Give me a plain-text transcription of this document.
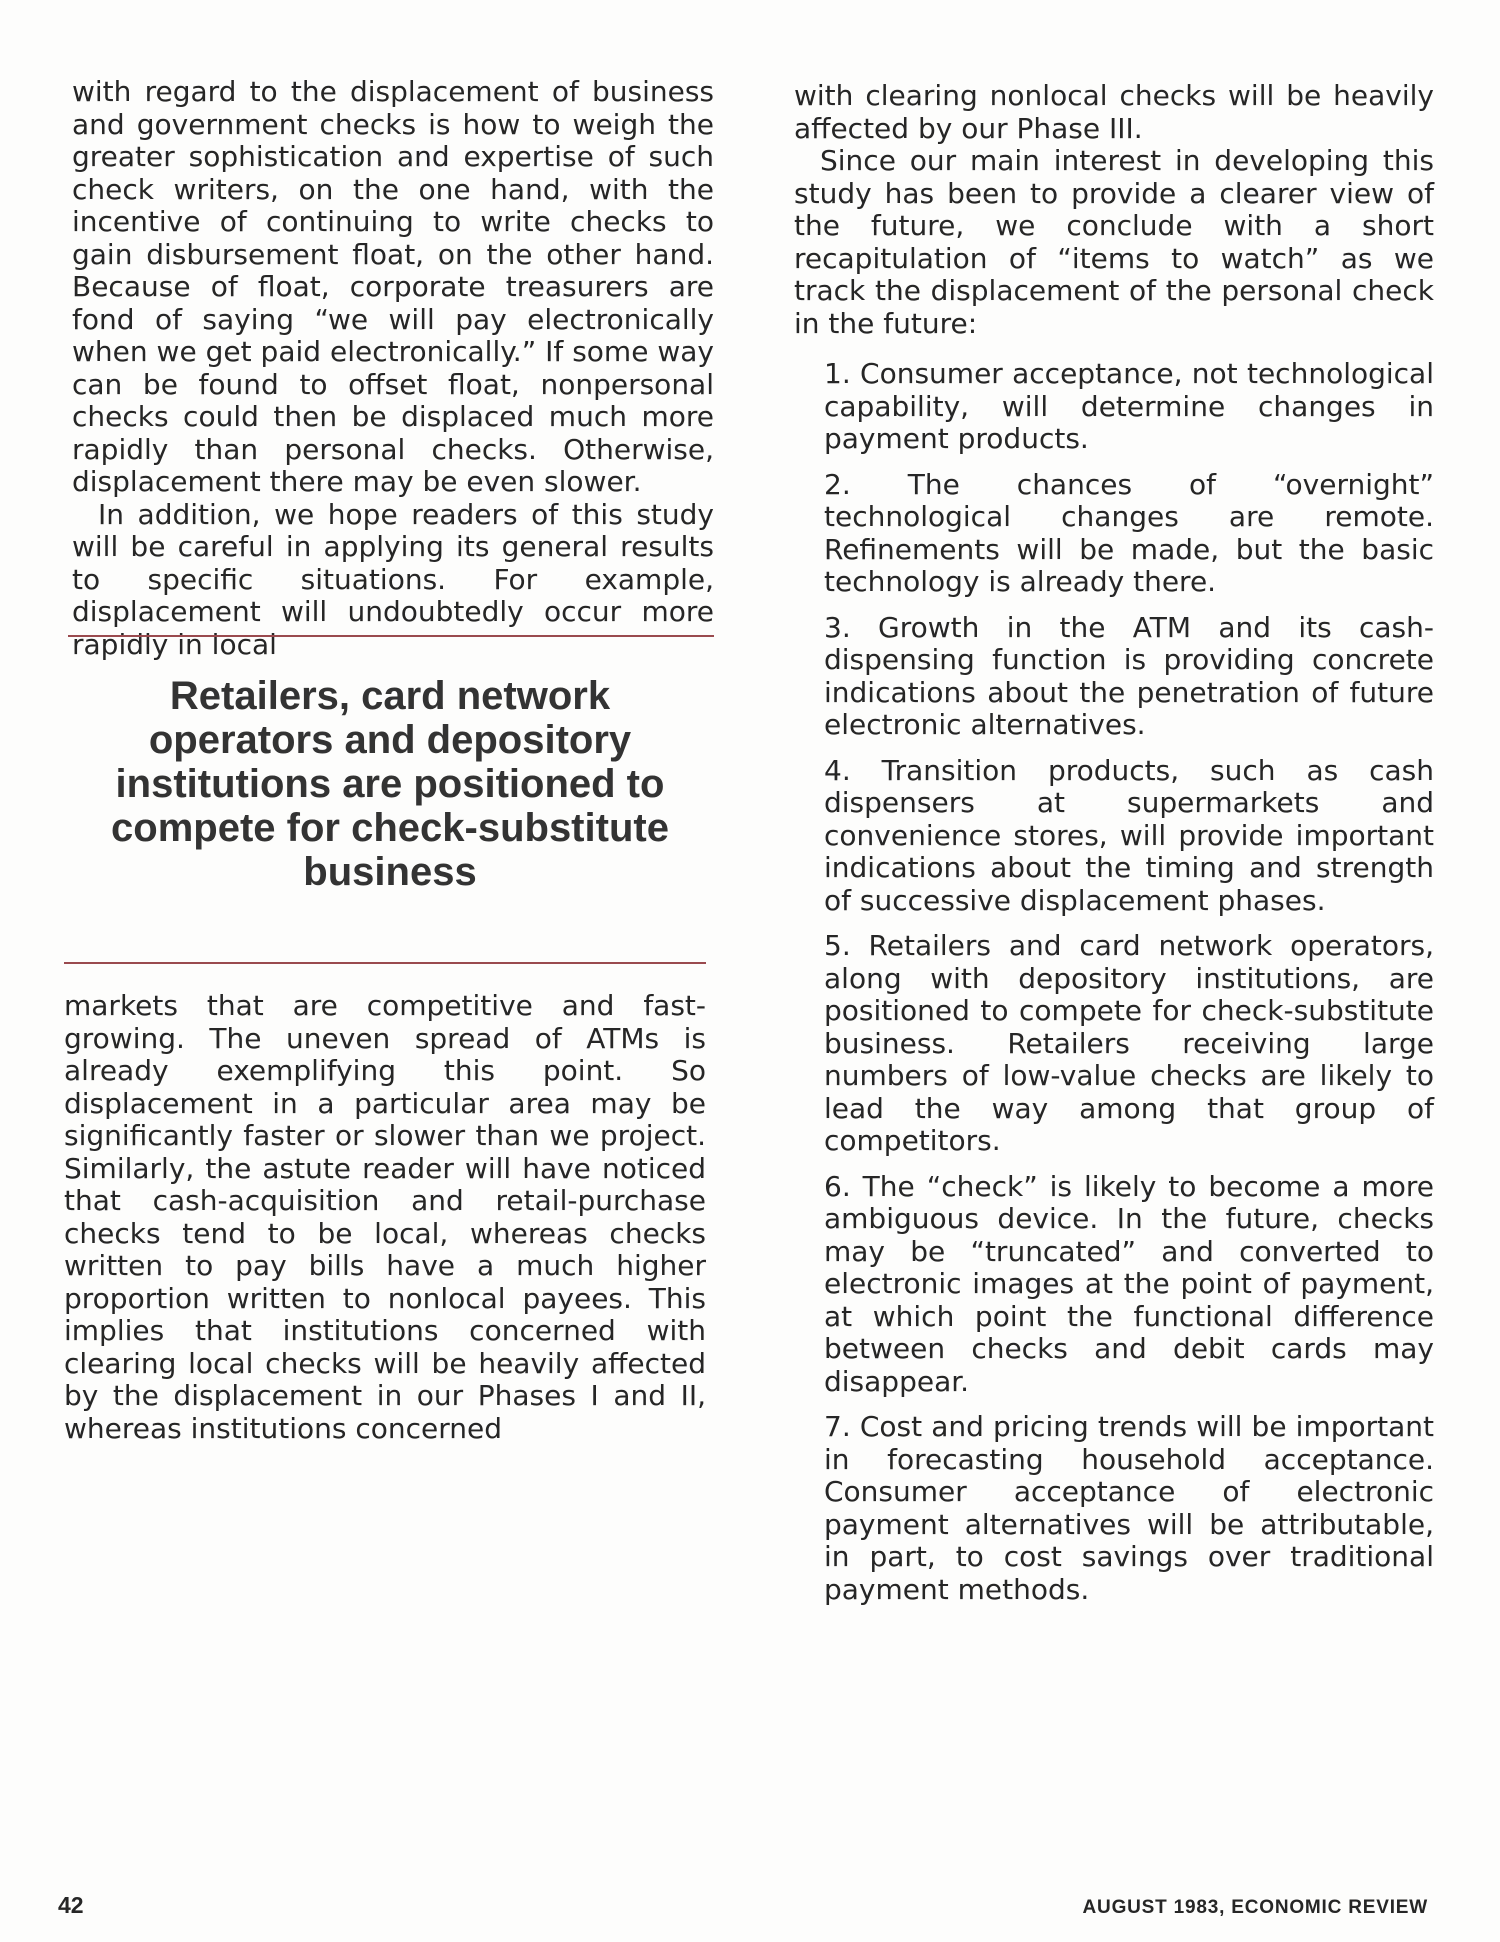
with regard to the displacement of business and government checks is how to weigh the greater sophistication and expertise of such check writers, on the one hand, with the incentive of continuing to write checks to gain disbursement float, on the other hand. Because of float, corporate treasurers are fond of saying “we will pay electronically when we get paid electronically.” If some way can be found to offset float, nonpersonal checks could then be displaced much more rapidly than personal checks. Otherwise, displacement there may be even slower.

In addition, we hope readers of this study will be careful in applying its general results to specific situations. For example, displacement will undoubtedly occur more rapidly in local

Retailers, card network operators and depository institutions are positioned to compete for check-substitute business

markets that are competitive and fast-growing. The uneven spread of ATMs is already exemplifying this point. So displacement in a particular area may be significantly faster or slower than we project. Similarly, the astute reader will have noticed that cash-acquisition and retail-purchase checks tend to be local, whereas checks written to pay bills have a much higher proportion written to nonlocal payees. This implies that institutions concerned with clearing local checks will be heavily affected by the displacement in our Phases I and II, whereas institutions concerned

with clearing nonlocal checks will be heavily affected by our Phase III.

Since our main interest in developing this study has been to provide a clearer view of the future, we conclude with a short recapitulation of “items to watch” as we track the displacement of the personal check in the future:

1. Consumer acceptance, not technological capability, will determine changes in payment products.
2. The chances of “overnight” technological changes are remote. Refinements will be made, but the basic technology is already there.
3. Growth in the ATM and its cash-dispensing function is providing concrete indications about the penetration of future electronic alternatives.
4. Transition products, such as cash dispensers at supermarkets and convenience stores, will provide important indications about the timing and strength of successive displacement phases.
5. Retailers and card network operators, along with depository institutions, are positioned to compete for check-substitute business. Retailers receiving large numbers of low-value checks are likely to lead the way among that group of competitors.
6. The “check” is likely to become a more ambiguous device. In the future, checks may be “truncated” and converted to electronic images at the point of payment, at which point the functional difference between checks and debit cards may disappear.
7. Cost and pricing trends will be important in forecasting household acceptance. Consumer acceptance of electronic payment alternatives will be attributable, in part, to cost savings over traditional payment methods.
42	AUGUST 1983, ECONOMIC REVIEW
